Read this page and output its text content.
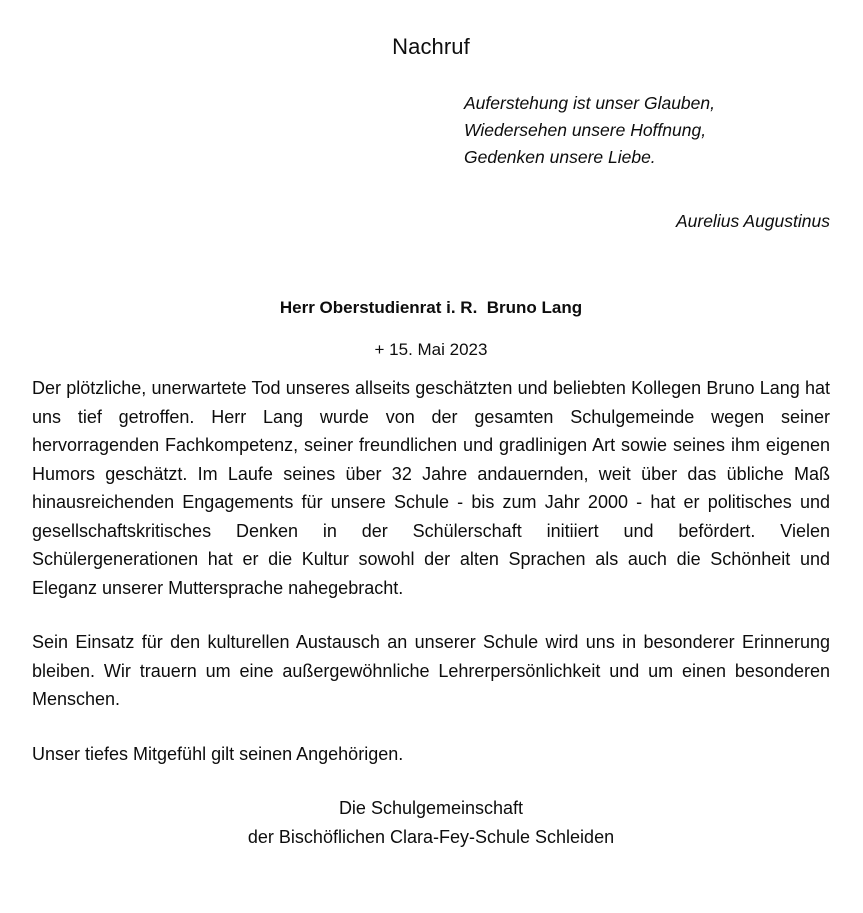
Nachruf
Auferstehung ist unser Glauben,
Wiedersehen unsere Hoffnung,
Gedenken unsere Liebe.
Aurelius Augustinus
Herr Oberstudienrat i. R.  Bruno Lang
+ 15. Mai 2023

Der plötzliche, unerwartete Tod unseres allseits geschätzten und beliebten Kollegen Bruno Lang hat uns tief getroffen. Herr Lang wurde von der gesamten Schulgemeinde wegen seiner hervorragenden Fachkompetenz, seiner freundlichen und gradlinigen Art sowie seines ihm eigenen Humors geschätzt. Im Laufe seines über 32 Jahre andauernden, weit über das übliche Maß hinausreichenden Engagements für unsere Schule - bis zum Jahr 2000 - hat er politisches und gesellschaftskritisches Denken in der Schülerschaft initiiert und befördert. Vielen Schülergenerationen hat er die Kultur sowohl der alten Sprachen als auch die Schönheit und Eleganz unserer Muttersprache nahegebracht.

Sein Einsatz für den kulturellen Austausch an unserer Schule wird uns in besonderer Erinnerung bleiben. Wir trauern um eine außergewöhnliche Lehrerpersönlichkeit und um einen besonderen Menschen.

Unser tiefes Mitgefühl gilt seinen Angehörigen.

Die Schulgemeinschaft
der Bischöflichen Clara-Fey-Schule Schleiden
